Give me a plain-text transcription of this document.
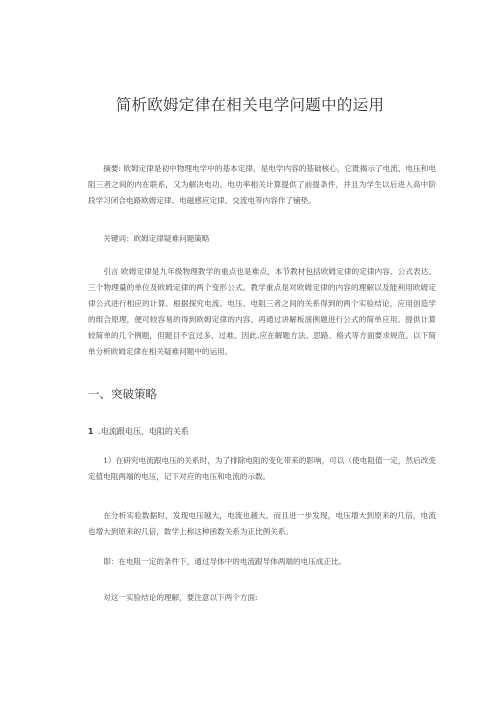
简析欧姆定律在相关电学问题中的运用

摘要: 欧姆定律是初中物理电学中的基本定律，是电学内容的基础核心，它既揭示了电流、电压和电阻三者之间的内在联系，又为解决电功、电功率相关计算提供了前提条件，并且为学生以后进入高中阶段学习闭合电路欧姆定律、电磁感应定律、交流电等内容作了铺垫。

关键词：欧姆定律疑难问题策略

引言 欧姆定律是九年级物理教学的重点也是难点，本节教材包括欧姆定律的定律内容、公式表达、三个物理量的单位及欧姆定律的两个变形公式。教学重点是对欧姆定律的内容的理解以及能利用欧姆定律公式进行相应的计算。根据探究电流、电压、电阻三者之间的关系得到的两个实验结论，应用创造学的组合原理，便可较容易的得到欧姆定律的内容。再通过讲解板演例题进行公式的简单应用。提供计算较简单的几个例题，但题目不宜过多、过难。因此,应在解题方法、思路、格式等方面要求规范。以下简单分析欧姆定律在相关疑难问题中的运用。

一、突破策略
1 .电流跟电压、电阻的关系

1）在研究电流跟电压的关系时，为了排除电阻的变化带来的影响，可以（使电阻值一定，然后改变定值电阻两端的电压，记下对应的电压和电流的示数。

在分析实验数据时，发现电压越大，电流也越大，而且进一步发现，电压增大到原来的几倍，电流也增大到原来的几倍，数学上称这种函数关系为正比例关系。

即：在电阻一定的条件下，通过导体中的电流跟导体两端的电压成正比。

对这一实验结论的理解，要注意以下两个方面:
